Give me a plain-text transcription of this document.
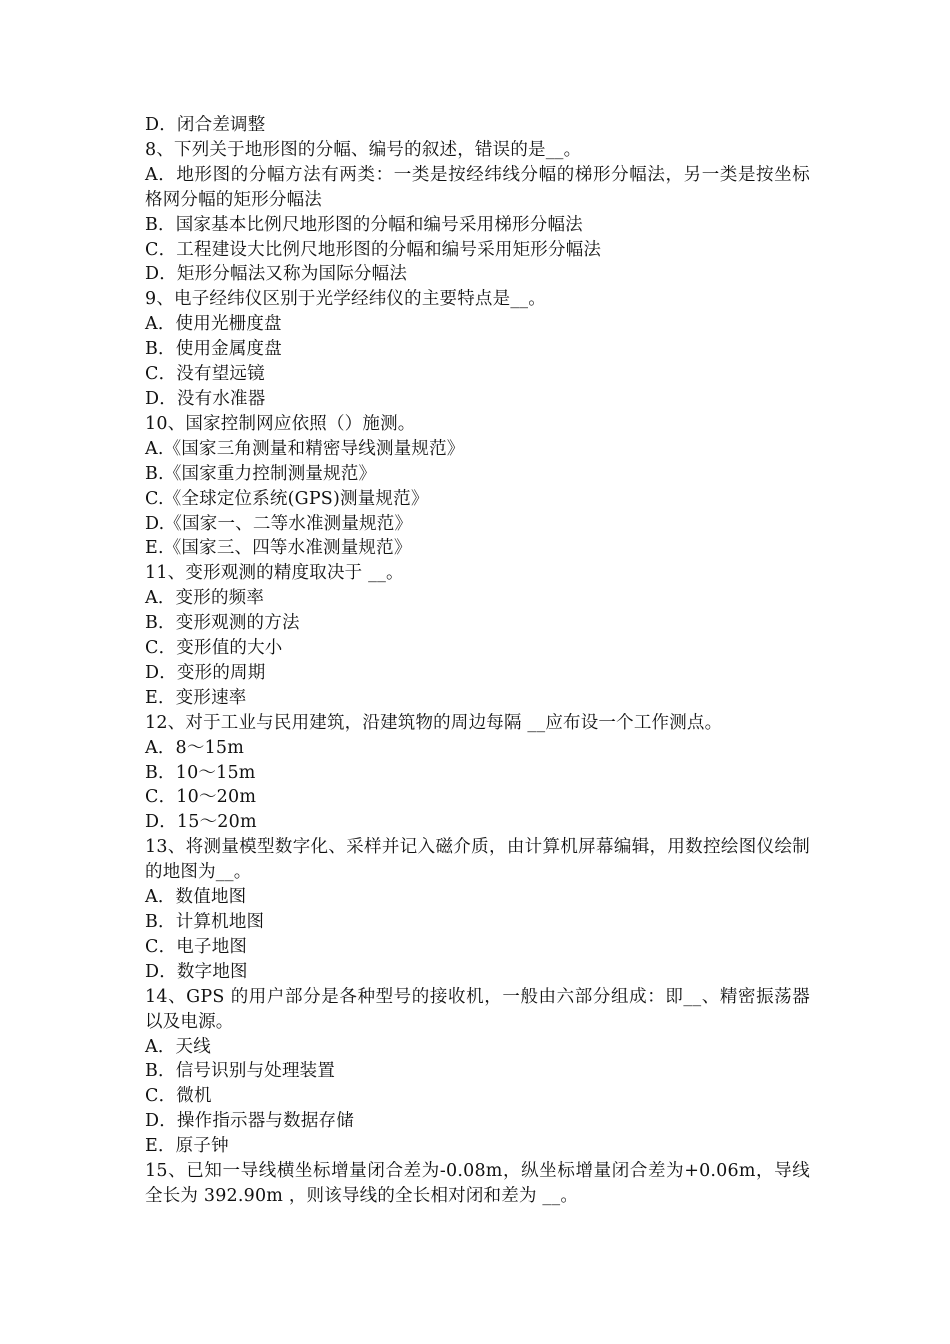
D．闭合差调整
8、下列关于地形图的分幅、编号的叙述，错误的是__。
A．地形图的分幅方法有两类：一类是按经纬线分幅的梯形分幅法，另一类是按坐标格网分幅的矩形分幅法
B．国家基本比例尺地形图的分幅和编号采用梯形分幅法
C．工程建设大比例尺地形图的分幅和编号采用矩形分幅法
D．矩形分幅法又称为国际分幅法
9、电子经纬仪区别于光学经纬仪的主要特点是__。
A．使用光栅度盘
B．使用金属度盘
C．没有望远镜
D．没有水准器
10、国家控制网应依照（）施测。
A.《国家三角测量和精密导线测量规范》
B.《国家重力控制测量规范》
C.《全球定位系统(GPS)测量规范》
D.《国家一、二等水准测量规范》
E.《国家三、四等水准测量规范》
11、变形观测的精度取决于 __。
A．变形的频率
B．变形观测的方法
C．变形值的大小
D．变形的周期
E．变形速率
12、对于工业与民用建筑，沿建筑物的周边每隔 __应布设一个工作测点。
A．8～15m
B．10～15m
C．10～20m
D．15～20m
13、将测量模型数字化、采样并记入磁介质，由计算机屏幕编辑，用数控绘图仪绘制的地图为__。
A．数值地图
B．计算机地图
C．电子地图
D．数字地图
14、GPS 的用户部分是各种型号的接收机，一般由六部分组成：即__、精密振荡器以及电源。
A．天线
B．信号识别与处理装置
C．微机
D．操作指示器与数据存储
E．原子钟
15、已知一导线横坐标增量闭合差为-0.08m，纵坐标增量闭合差为+0.06m，导线全长为 392.90m ，则该导线的全长相对闭和差为 __。
